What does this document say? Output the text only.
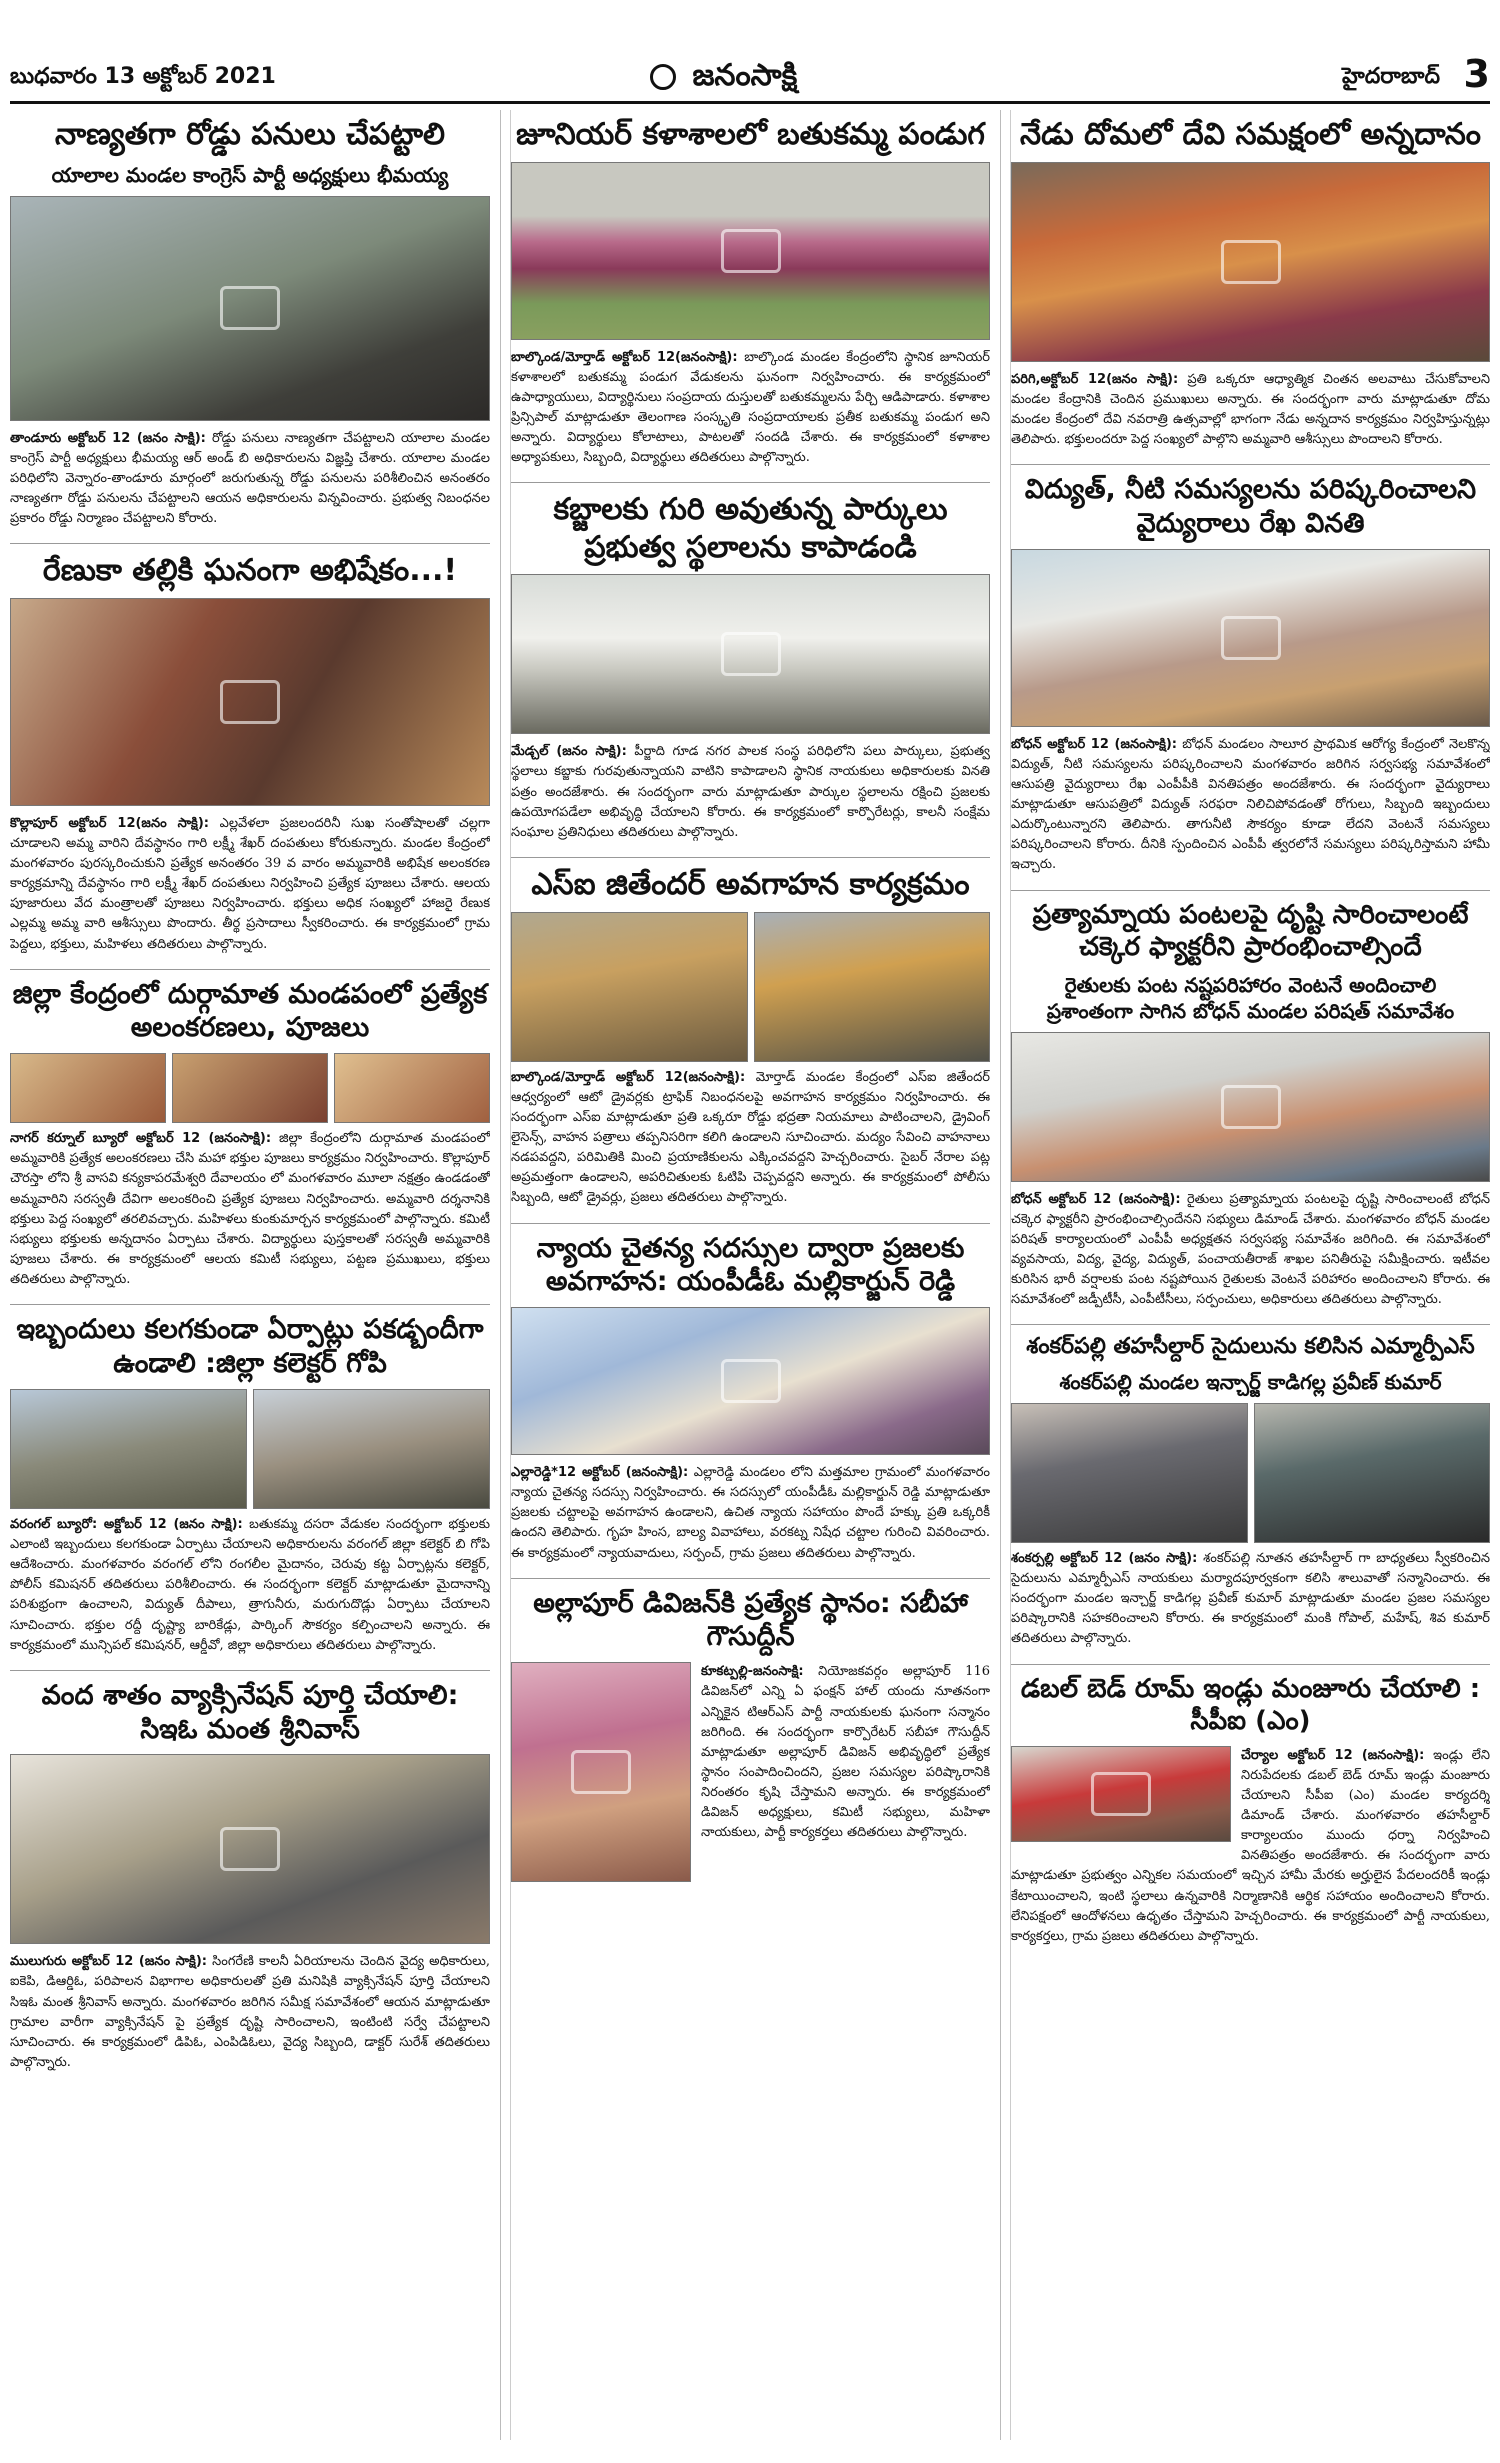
బుధవారం 13 అక్టోబర్ 2021	జనంసాక్షి	హైదరాబాద్ 3
నాణ్యతగా రోడ్డు పనులు చేపట్టాలి
యాలాల మండల కాంగ్రెస్ పార్టీ అధ్యక్షులు భీమయ్య

తాండూరు అక్టోబర్ 12 (జనం సాక్షి): రోడ్డు పనులు నాణ్యతగా చేపట్టాలని యాలాల మండల కాంగ్రెస్ పార్టీ అధ్యక్షులు భీమయ్య ఆర్ అండ్ బి అధికారులను విజ్ఞప్తి చేశారు. యాలాల మండల పరిధిలోని వెన్నారం-తాండూరు మార్గంలో జరుగుతున్న రోడ్డు పనులను పరిశీలించిన అనంతరం నాణ్యతగా రోడ్డు పనులను చేపట్టాలని ఆయన అధికారులను విన్నవించారు. ప్రభుత్వ నిబంధనల ప్రకారం రోడ్డు నిర్మాణం చేపట్టాలని కోరారు.

రేణుకా తల్లికి ఘనంగా అభిషేకం...!

కొల్లాపూర్ అక్టోబర్ 12(జనం సాక్షి): ఎల్లవేళలా ప్రజలందరినీ సుఖ సంతోషాలతో చల్లగా చూడాలని అమ్మ వారిని దేవస్థానం గారి లక్ష్మీ శేఖర్ దంపతులు కోరుకున్నారు. మండల కేంద్రంలో మంగళవారం పురస్కరించుకుని ప్రత్యేక అనంతరం 39 వ వారం అమ్మవారికి అభిషేక అలంకరణ కార్యక్రమాన్ని దేవస్థానం గారి లక్ష్మీ శేఖర్ దంపతులు నిర్వహించి ప్రత్యేక పూజలు చేశారు. ఆలయ పూజారులు వేద మంత్రాలతో పూజలు నిర్వహించారు. భక్తులు అధిక సంఖ్యలో హాజరై రేణుక ఎల్లమ్మ అమ్మ వారి ఆశీస్సులు పొందారు. తీర్థ ప్రసాదాలు స్వీకరించారు. ఈ కార్యక్రమంలో గ్రామ పెద్దలు, భక్తులు, మహిళలు తదితరులు పాల్గొన్నారు.

జిల్లా కేంద్రంలో దుర్గామాత మండపంలో ప్రత్యేక అలంకరణలు, పూజలు

నాగర్ కర్నూల్ బ్యూరో అక్టోబర్ 12 (జనంసాక్షి): జిల్లా కేంద్రంలోని దుర్గామాత మండపంలో అమ్మవారికి ప్రత్యేక అలంకరణలు చేసి మహా భక్తుల పూజలు కార్యక్రమం నిర్వహించారు. కొల్లాపూర్ చౌరస్తా లోని శ్రీ వాసవి కన్యకాపరమేశ్వరి దేవాలయం లో మంగళవారం మూలా నక్షత్రం ఉండడంతో అమ్మవారిని సరస్వతీ దేవిగా అలంకరించి ప్రత్యేక పూజలు నిర్వహించారు. అమ్మవారి దర్శనానికి భక్తులు పెద్ద సంఖ్యలో తరలివచ్చారు. మహిళలు కుంకుమార్చన కార్యక్రమంలో పాల్గొన్నారు. కమిటీ సభ్యులు భక్తులకు అన్నదానం ఏర్పాటు చేశారు. విద్యార్థులు పుస్తకాలతో సరస్వతీ అమ్మవారికి పూజలు చేశారు. ఈ కార్యక్రమంలో ఆలయ కమిటీ సభ్యులు, పట్టణ ప్రముఖులు, భక్తులు తదితరులు పాల్గొన్నారు.

ఇబ్బందులు కలగకుండా ఏర్పాట్లు పకడ్బందీగా ఉండాలి :జిల్లా కలెక్టర్ గోపి

వరంగల్ బ్యూరో: అక్టోబర్ 12 (జనం సాక్షి): బతుకమ్మ దసరా వేడుకల సందర్భంగా భక్తులకు ఎలాంటి ఇబ్బందులు కలగకుండా ఏర్పాటు చేయాలని అధికారులను వరంగల్ జిల్లా కలెక్టర్ బి గోపి ఆదేశించారు. మంగళవారం వరంగల్ లోని రంగలీల మైదానం, చెరువు కట్ట ఏర్పాట్లను కలెక్టర్, పోలీస్ కమిషనర్ తదితరులు పరిశీలించారు. ఈ సందర్భంగా కలెక్టర్ మాట్లాడుతూ మైదానాన్ని పరిశుభ్రంగా ఉంచాలని, విద్యుత్ దీపాలు, త్రాగునీరు, మరుగుదొడ్లు ఏర్పాటు చేయాలని సూచించారు. భక్తుల రద్దీ దృష్ట్యా బారికేడ్లు, పార్కింగ్ సౌకర్యం కల్పించాలని అన్నారు. ఈ కార్యక్రమంలో మున్సిపల్ కమిషనర్, ఆర్డీవో, జిల్లా అధికారులు తదితరులు పాల్గొన్నారు.

వంద శాతం వ్యాక్సినేషన్ పూర్తి చేయాలి: సిఇఓ మంత శ్రీనివాస్

ములుగురు అక్టోబర్ 12 (జనం సాక్షి): సింగరేణి కాలనీ ఏరియాలను చెందిన వైద్య అధికారులు, ఐకెపి, డిఆర్డిఓ, పరిపాలన విభాగాల అధికారులతో ప్రతి మనిషికి వ్యాక్సినేషన్ పూర్తి చేయాలని సిఇఓ మంత శ్రీనివాస్ అన్నారు. మంగళవారం జరిగిన సమీక్ష సమావేశంలో ఆయన మాట్లాడుతూ గ్రామాల వారీగా వ్యాక్సినేషన్ పై ప్రత్యేక దృష్టి సారించాలని, ఇంటింటి సర్వే చేపట్టాలని సూచించారు. ఈ కార్యక్రమంలో డిపిఓ, ఎంపిడిఓలు, వైద్య సిబ్బంది, డాక్టర్ సురేశ్ తదితరులు పాల్గొన్నారు.

జూనియర్ కళాశాలలో బతుకమ్మ పండుగ

బాల్కొండ/మోర్తాడ్ అక్టోబర్ 12(జనంసాక్షి): బాల్కొండ మండల కేంద్రంలోని స్థానిక జూనియర్ కళాశాలలో బతుకమ్మ పండుగ వేడుకలను ఘనంగా నిర్వహించారు. ఈ కార్యక్రమంలో ఉపాధ్యాయులు, విద్యార్థినులు సంప్రదాయ దుస్తులతో బతుకమ్మలను పేర్చి ఆడిపాడారు. కళాశాల ప్రిన్సిపాల్ మాట్లాడుతూ తెలంగాణ సంస్కృతి సంప్రదాయాలకు ప్రతీక బతుకమ్మ పండుగ అని అన్నారు. విద్యార్థులు కోలాటాలు, పాటలతో సందడి చేశారు. ఈ కార్యక్రమంలో కళాశాల అధ్యాపకులు, సిబ్బంది, విద్యార్థులు తదితరులు పాల్గొన్నారు.

కబ్జాలకు గురి అవుతున్న పార్కులు ప్రభుత్వ స్థలాలను కాపాడండి

మేడ్చల్ (జనం సాక్షి): పీర్జాది గూడ నగర పాలక సంస్థ పరిధిలోని పలు పార్కులు, ప్రభుత్వ స్థలాలు కబ్జాకు గురవుతున్నాయని వాటిని కాపాడాలని స్థానిక నాయకులు అధికారులకు వినతి పత్రం అందజేశారు. ఈ సందర్భంగా వారు మాట్లాడుతూ పార్కుల స్థలాలను రక్షించి ప్రజలకు ఉపయోగపడేలా అభివృద్ధి చేయాలని కోరారు. ఈ కార్యక్రమంలో కార్పొరేటర్లు, కాలనీ సంక్షేమ సంఘాల ప్రతినిధులు తదితరులు పాల్గొన్నారు.

ఎస్ఐ జితేందర్ అవగాహన కార్యక్రమం

బాల్కొండ/మోర్తాడ్ అక్టోబర్ 12(జనంసాక్షి): మోర్తాడ్ మండల కేంద్రంలో ఎస్ఐ జితేందర్ ఆధ్వర్యంలో ఆటో డ్రైవర్లకు ట్రాఫిక్ నిబంధనలపై అవగాహన కార్యక్రమం నిర్వహించారు. ఈ సందర్భంగా ఎస్ఐ మాట్లాడుతూ ప్రతి ఒక్కరూ రోడ్డు భద్రతా నియమాలు పాటించాలని, డ్రైవింగ్ లైసెన్స్, వాహన పత్రాలు తప్పనిసరిగా కలిగి ఉండాలని సూచించారు. మద్యం సేవించి వాహనాలు నడపవద్దని, పరిమితికి మించి ప్రయాణికులను ఎక్కించవద్దని హెచ్చరించారు. సైబర్ నేరాల పట్ల అప్రమత్తంగా ఉండాలని, అపరిచితులకు ఓటిపి చెప్పవద్దని అన్నారు. ఈ కార్యక్రమంలో పోలీసు సిబ్బంది, ఆటో డ్రైవర్లు, ప్రజలు తదితరులు పాల్గొన్నారు.

న్యాయ చైతన్య సదస్సుల ద్వారా ప్రజలకు అవగాహన: యంపీడీఓ మల్లికార్జున్ రెడ్డి

ఎల్లారెడ్డి*12 అక్టోబర్ (జనంసాక్షి): ఎల్లారెడ్డి మండలం లోని మత్తమాల గ్రామంలో మంగళవారం న్యాయ చైతన్య సదస్సు నిర్వహించారు. ఈ సదస్సులో యంపీడీఓ మల్లికార్జున్ రెడ్డి మాట్లాడుతూ ప్రజలకు చట్టాలపై అవగాహన ఉండాలని, ఉచిత న్యాయ సహాయం పొందే హక్కు ప్రతి ఒక్కరికీ ఉందని తెలిపారు. గృహ హింస, బాల్య వివాహాలు, వరకట్న నిషేధ చట్టాల గురించి వివరించారు. ఈ కార్యక్రమంలో న్యాయవాదులు, సర్పంచ్, గ్రామ ప్రజలు తదితరులు పాల్గొన్నారు.

అల్లాపూర్ డివిజన్‌కి ప్రత్యేక స్థానం: సబీహా గౌసుద్దీన్

కూకట్పల్లి-జనంసాక్షి: నియోజకవర్గం అల్లాపూర్ 116 డివిజన్‌లో ఎన్ని ఏ ఫంక్షన్ హాల్ యందు నూతనంగా ఎన్నికైన టిఆర్ఎస్ పార్టీ నాయకులకు ఘనంగా సన్మానం జరిగింది. ఈ సందర్భంగా కార్పొరేటర్ సబీహా గౌసుద్దీన్ మాట్లాడుతూ అల్లాపూర్ డివిజన్ అభివృద్ధిలో ప్రత్యేక స్థానం సంపాదించిందని, ప్రజల సమస్యల పరిష్కారానికి నిరంతరం కృషి చేస్తామని అన్నారు. ఈ కార్యక్రమంలో డివిజన్ అధ్యక్షులు, కమిటీ సభ్యులు, మహిళా నాయకులు, పార్టీ కార్యకర్తలు తదితరులు పాల్గొన్నారు.

నేడు దోమలో దేవి సమక్షంలో అన్నదానం

పరిగి,అక్టోబర్ 12(జనం సాక్షి): ప్రతి ఒక్కరూ ఆధ్యాత్మిక చింతన అలవాటు చేసుకోవాలని మండల కేంద్రానికి చెందిన ప్రముఖులు అన్నారు. ఈ సందర్భంగా వారు మాట్లాడుతూ దోమ మండల కేంద్రంలో దేవి నవరాత్రి ఉత్సవాల్లో భాగంగా నేడు అన్నదాన కార్యక్రమం నిర్వహిస్తున్నట్లు తెలిపారు. భక్తులందరూ పెద్ద సంఖ్యలో పాల్గొని అమ్మవారి ఆశీస్సులు పొందాలని కోరారు.

విద్యుత్, నీటి సమస్యలను పరిష్కరించాలని వైద్యురాలు రేఖ వినతి

బోధన్ అక్టోబర్ 12 (జనంసాక్షి): బోధన్ మండలం సాలూర ప్రాథమిక ఆరోగ్య కేంద్రంలో నెలకొన్న విద్యుత్, నీటి సమస్యలను పరిష్కరించాలని మంగళవారం జరిగిన సర్వసభ్య సమావేశంలో ఆసుపత్రి వైద్యురాలు రేఖ ఎంపీపీకి వినతిపత్రం అందజేశారు. ఈ సందర్భంగా వైద్యురాలు మాట్లాడుతూ ఆసుపత్రిలో విద్యుత్ సరఫరా నిలిచిపోవడంతో రోగులు, సిబ్బంది ఇబ్బందులు ఎదుర్కొంటున్నారని తెలిపారు. తాగునీటి సౌకర్యం కూడా లేదని వెంటనే సమస్యలు పరిష్కరించాలని కోరారు. దీనికి స్పందించిన ఎంపీపీ త్వరలోనే సమస్యలు పరిష్కరిస్తామని హామీ ఇచ్చారు.

ప్రత్యామ్నాయ పంటలపై దృష్టి సారించాలంటే చక్కెర ఫ్యాక్టరీని ప్రారంభించాల్సిందే
రైతులకు పంట నష్టపరిహారం వెంటనే అందించాలి
ప్రశాంతంగా సాగిన బోధన్ మండల పరిషత్ సమావేశం

బోధన్ అక్టోబర్ 12 (జనంసాక్షి): రైతులు ప్రత్యామ్నాయ పంటలపై దృష్టి సారించాలంటే బోధన్ చక్కెర ఫ్యాక్టరీని ప్రారంభించాల్సిందేనని సభ్యులు డిమాండ్ చేశారు. మంగళవారం బోధన్ మండల పరిషత్ కార్యాలయంలో ఎంపీపీ అధ్యక్షతన సర్వసభ్య సమావేశం జరిగింది. ఈ సమావేశంలో వ్యవసాయ, విద్య, వైద్య, విద్యుత్, పంచాయతీరాజ్ శాఖల పనితీరుపై సమీక్షించారు. ఇటీవల కురిసిన భారీ వర్షాలకు పంట నష్టపోయిన రైతులకు వెంటనే పరిహారం అందించాలని కోరారు. ఈ సమావేశంలో జడ్పీటీసీ, ఎంపీటీసీలు, సర్పంచులు, అధికారులు తదితరులు పాల్గొన్నారు.

శంకర్‌పల్లి తహసీల్దార్ సైదులును కలిసిన ఎమ్మార్పీఎస్
శంకర్‌పల్లి మండల ఇన్చార్జ్ కాడిగల్ల ప్రవీణ్ కుమార్

శంకర్పల్లి అక్టోబర్ 12 (జనం సాక్షి): శంకర్‌పల్లి నూతన తహసీల్దార్ గా బాధ్యతలు స్వీకరించిన సైదులును ఎమ్మార్పీఎస్ నాయకులు మర్యాదపూర్వకంగా కలిసి శాలువాతో సన్మానించారు. ఈ సందర్భంగా మండల ఇన్చార్జ్ కాడిగల్ల ప్రవీణ్ కుమార్ మాట్లాడుతూ మండల ప్రజల సమస్యల పరిష్కారానికి సహకరించాలని కోరారు. ఈ కార్యక్రమంలో మంకి గోపాల్, మహేష్, శివ కుమార్ తదితరులు పాల్గొన్నారు.

డబల్ బెడ్ రూమ్ ఇండ్లు మంజూరు చేయాలి : సీపీఐ (ఎం)

చేర్యాల అక్టోబర్ 12 (జనంసాక్షి): ఇండ్లు లేని నిరుపేదలకు డబల్ బెడ్ రూమ్ ఇండ్లు మంజూరు చేయాలని సీపీఐ (ఎం) మండల కార్యదర్శి డిమాండ్ చేశారు. మంగళవారం తహసీల్దార్ కార్యాలయం ముందు ధర్నా నిర్వహించి వినతిపత్రం అందజేశారు. ఈ సందర్భంగా వారు మాట్లాడుతూ ప్రభుత్వం ఎన్నికల సమయంలో ఇచ్చిన హామీ మేరకు అర్హులైన పేదలందరికీ ఇండ్లు కేటాయించాలని, ఇంటి స్థలాలు ఉన్నవారికి నిర్మాణానికి ఆర్థిక సహాయం అందించాలని కోరారు. లేనిపక్షంలో ఆందోళనలు ఉధృతం చేస్తామని హెచ్చరించారు. ఈ కార్యక్రమంలో పార్టీ నాయకులు, కార్యకర్తలు, గ్రామ ప్రజలు తదితరులు పాల్గొన్నారు.
